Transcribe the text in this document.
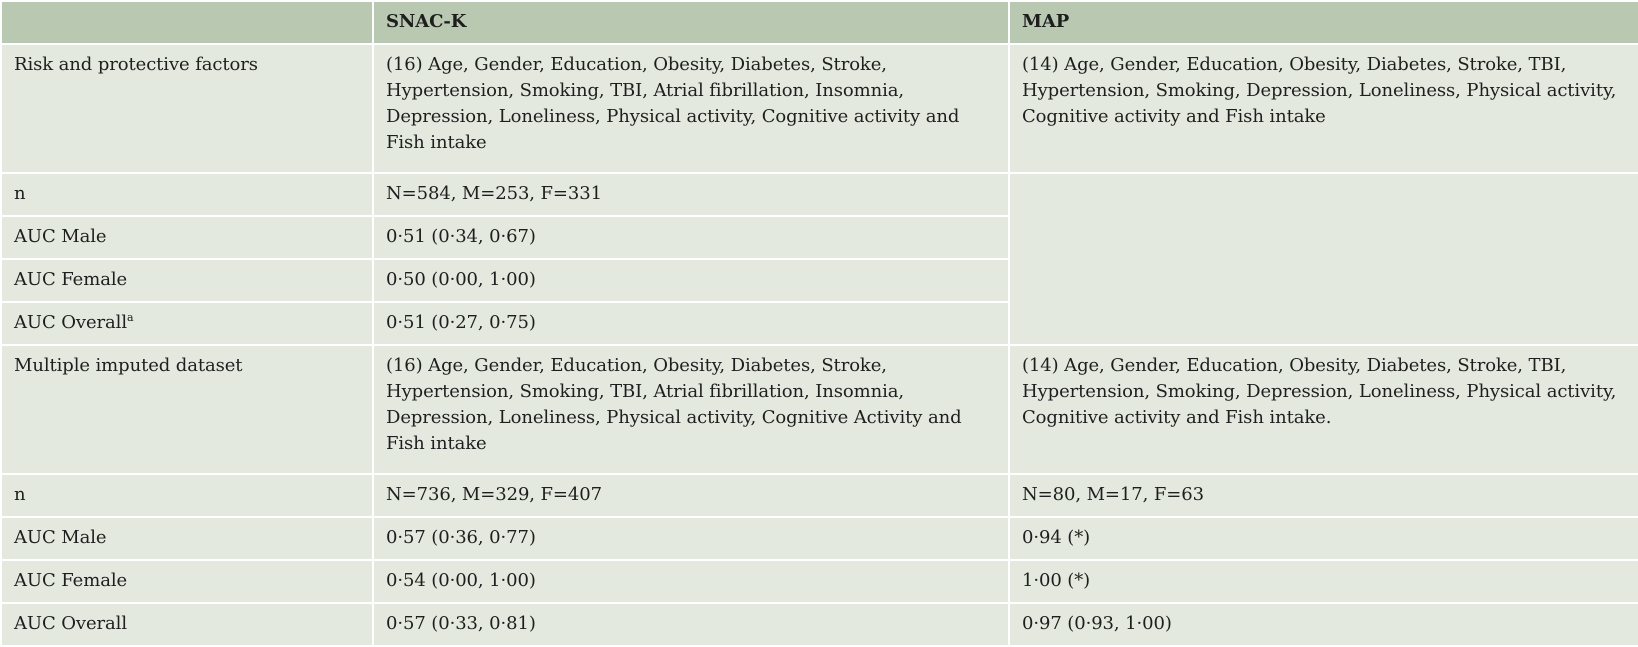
	SNAC-K	MAP
Risk and protective factors	(16) Age, Gender, Education, Obesity, Diabetes, Stroke, Hypertension, Smoking, TBI, Atrial fibrillation, Insomnia, Depression, Loneliness, Physical activity, Cognitive activity and Fish intake	(14) Age, Gender, Education, Obesity, Diabetes, Stroke, TBI, Hypertension, Smoking, Depression, Loneliness, Physical activity, Cognitive activity and Fish intake
n	N=584, M=253, F=331	
AUC Male	0·51 (0·34, 0·67)	
AUC Female	0·50 (0·00, 1·00)	
AUC Overall$^a$	0·51 (0·27, 0·75)	
Multiple imputed dataset	(16) Age, Gender, Education, Obesity, Diabetes, Stroke, Hypertension, Smoking, TBI, Atrial fibrillation, Insomnia, Depression, Loneliness, Physical activity, Cognitive Activity and Fish intake	(14) Age, Gender, Education, Obesity, Diabetes, Stroke, TBI, Hypertension, Smoking, Depression, Loneliness, Physical activity, Cognitive activity and Fish intake.
n	N=736, M=329, F=407	N=80, M=17, F=63
AUC Male	0·57 (0·36, 0·77)	0·94 (*)
AUC Female	0·54 (0·00, 1·00)	1·00 (*)
AUC Overall	0·57 (0·33, 0·81)	0·97 (0·93, 1·00)
